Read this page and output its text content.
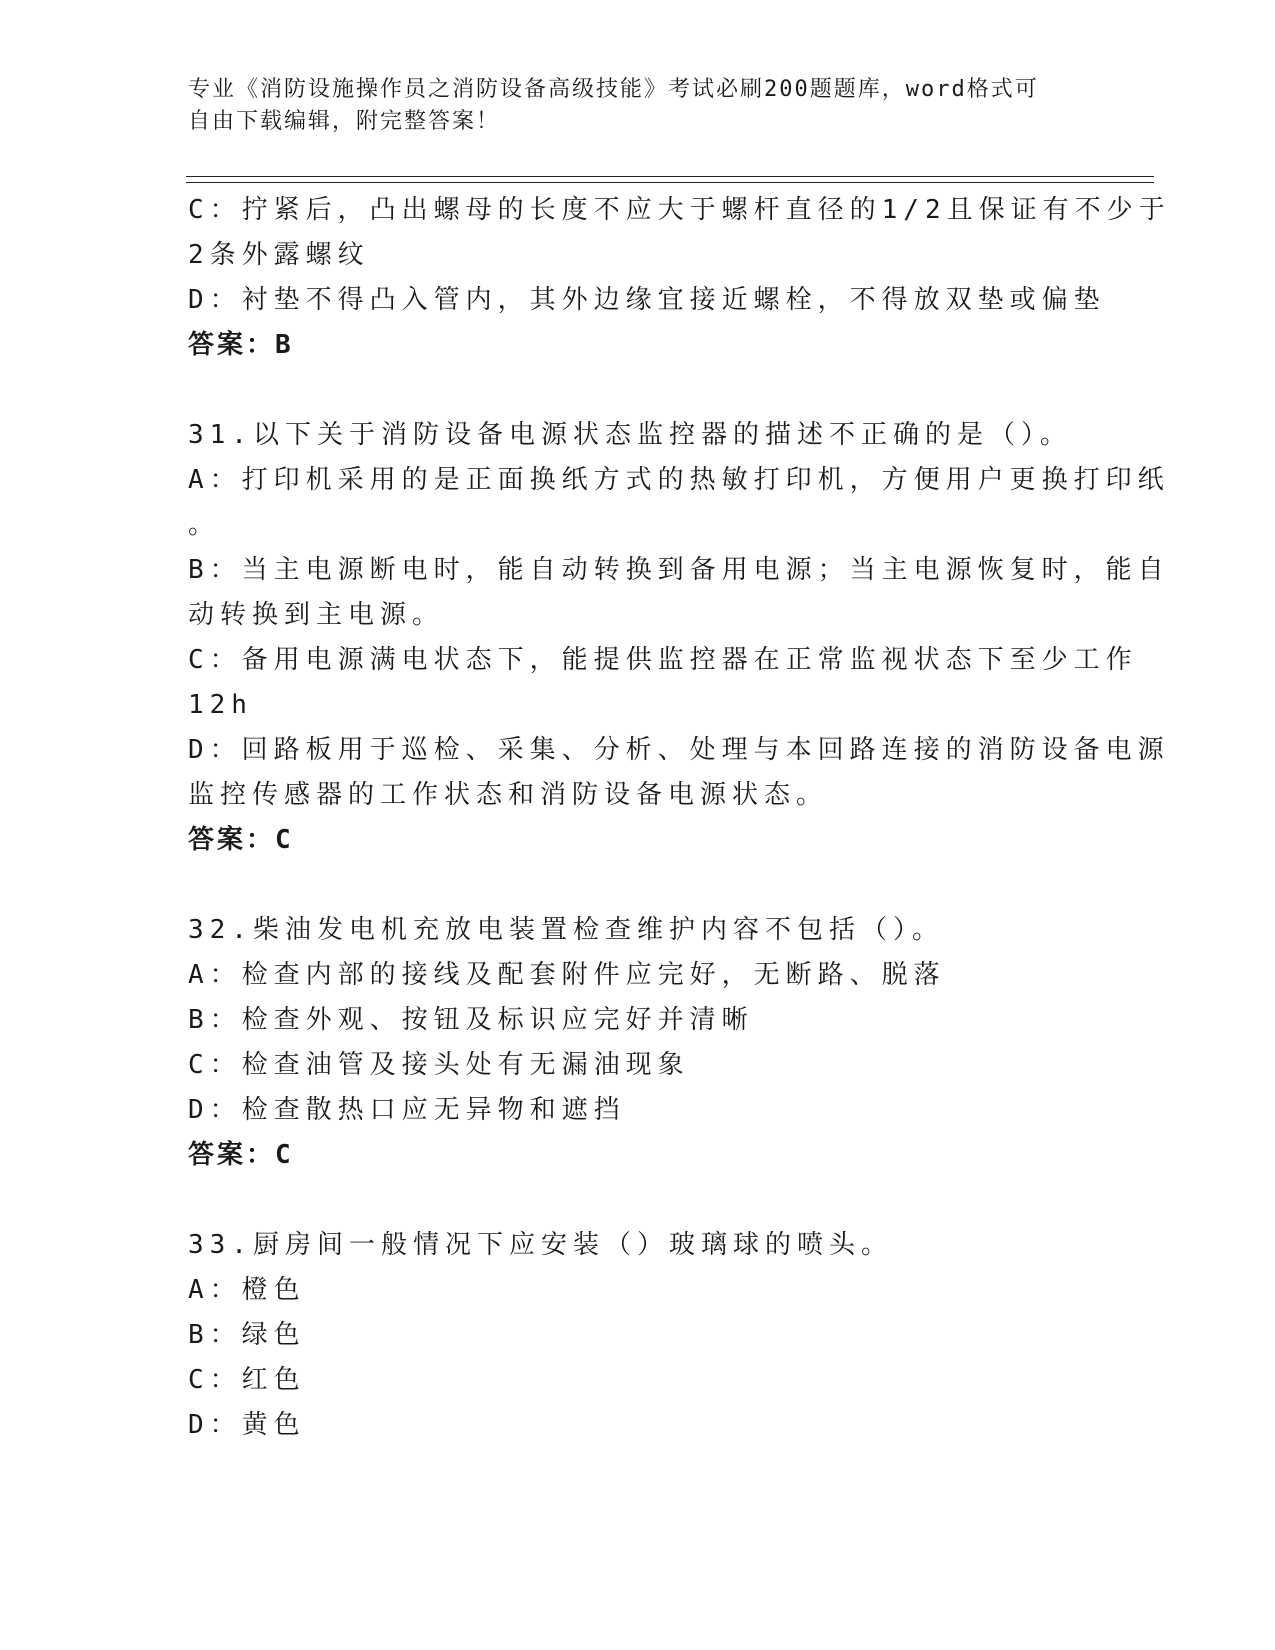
专业《消防设施操作员之消防设备高级技能》考试必刷200题题库，word格式可
自由下载编辑，附完整答案！
C：拧紧后，凸出螺母的长度不应大于螺杆直径的1/2且保证有不少于
2条外露螺纹
D：衬垫不得凸入管内，其外边缘宜接近螺栓，不得放双垫或偏垫
答案：B
31.以下关于消防设备电源状态监控器的描述不正确的是（）。
A：打印机采用的是正面换纸方式的热敏打印机，方便用户更换打印纸
。
B：当主电源断电时，能自动转换到备用电源；当主电源恢复时，能自
动转换到主电源。
C：备用电源满电状态下，能提供监控器在正常监视状态下至少工作
12h
D：回路板用于巡检、采集、分析、处理与本回路连接的消防设备电源
监控传感器的工作状态和消防设备电源状态。
答案：C
32.柴油发电机充放电装置检查维护内容不包括（）。
A：检查内部的接线及配套附件应完好，无断路、脱落
B：检查外观、按钮及标识应完好并清晰
C：检查油管及接头处有无漏油现象
D：检查散热口应无异物和遮挡
答案：C
33.厨房间一般情况下应安装（）玻璃球的喷头。
A：橙色
B：绿色
C：红色
D：黄色
